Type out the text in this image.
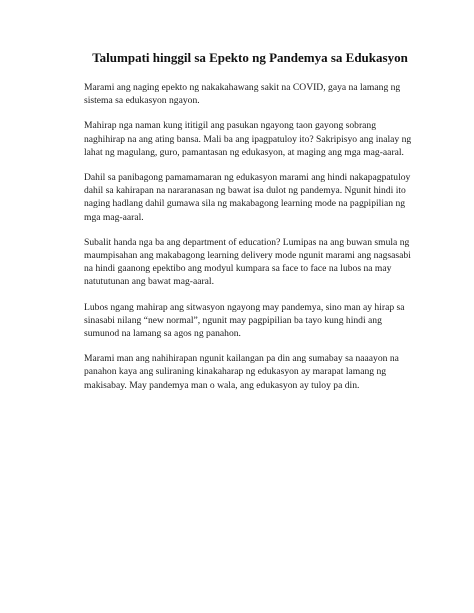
Talumpati hinggil sa Epekto ng Pandemya sa Edukasyon

Marami ang naging epekto ng nakakahawang sakit na COVID, gaya na lamang ng sistema sa edukasyon ngayon.

Mahirap nga naman kung ititigil ang pasukan ngayong taon gayong sobrang naghihirap na ang ating bansa. Mali ba ang ipagpatuloy ito? Sakripisyo ang inalay ng lahat ng magulang, guro, pamantasan ng edukasyon, at maging ang mga mag-aaral.

Dahil sa panibagong pamamamaran ng edukasyon marami ang hindi nakapagpatuloy dahil sa kahirapan na nararanasan ng bawat isa dulot ng pandemya. Ngunit hindi ito naging hadlang dahil gumawa sila ng makabagong learning mode na pagpipilian ng mga mag-aaral.

Subalit handa nga ba ang department of education? Lumipas na ang buwan smula ng maumpisahan ang makabagong learning delivery mode ngunit marami ang nagsasabi na hindi gaanong epektibo ang modyul kumpara sa face to face na lubos na may natututunan ang bawat mag-aaral.

Lubos ngang mahirap ang sitwasyon ngayong may pandemya, sino man ay hirap sa sinasabi nilang “new normal”, ngunit may pagpipilian ba tayo kung hindi ang sumunod na lamang sa agos ng panahon.

Marami man ang nahihirapan ngunit kailangan pa din ang sumabay sa naaayon na panahon kaya ang suliraning kinakaharap ng edukasyon ay marapat lamang ng makisabay. May pandemya man o wala, ang edukasyon ay tuloy pa din.
